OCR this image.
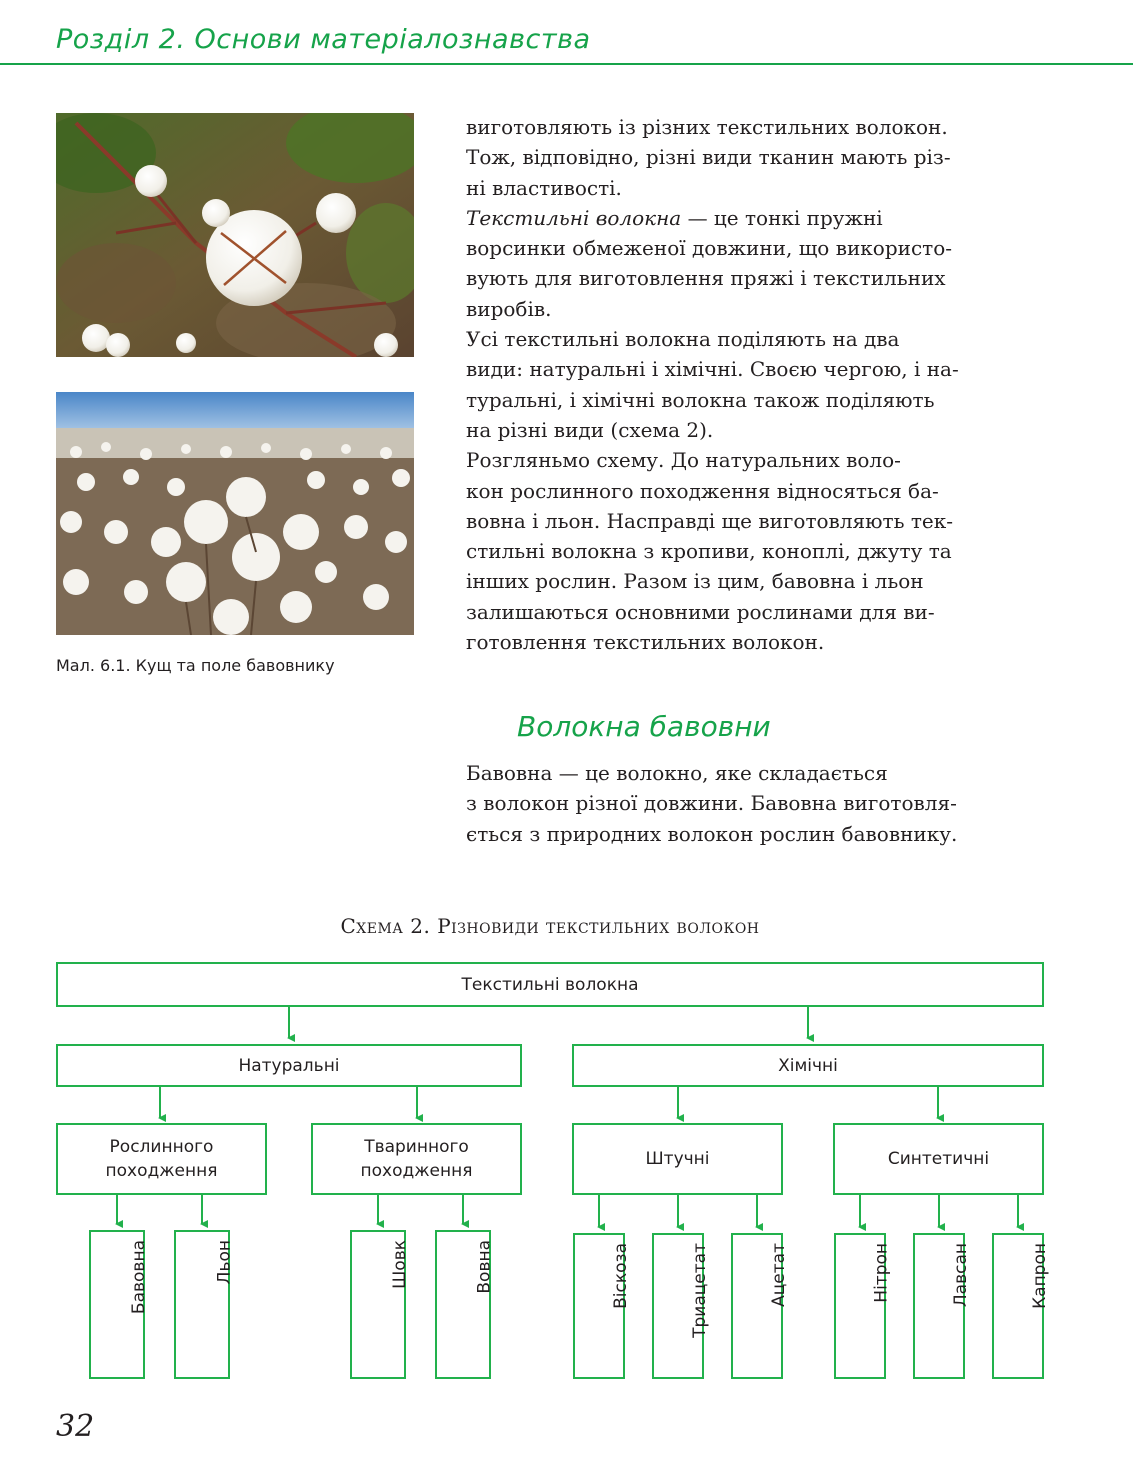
Розділ 2. Основи матеріалознавства
Мал. 6.1. Кущ та поле бавовнику
виготовляють із різних текстильних волокон.
Тож, відповідно, різні види тканин мають різ-
ні властивості.
Текстильні волокна — це тонкі пружні
ворсинки обмеженої довжини, що використо-
вують для виготовлення пряжі і текстильних
виробів.
Усі текстильні волокна поділяють на два
види: натуральні і хімічні. Своєю чергою, і на-
туральні, і хімічні волокна також поділяють
на різні види (схема 2).
Розгляньмо схему. До натуральних воло-
кон рослинного походження відносяться ба-
вовна і льон. Насправді ще виготовляють тек-
стильні волокна з кропиви, коноплі, джуту та
інших рослин. Разом із цим, бавовна і льон
залишаються основними рослинами для ви-
готовлення текстильних волокон.
Волокна бавовни
Бавовна — це волокно, яке складається
з волокон різної довжини. Бавовна виготовля-
ється з природних волокон рослин бавовнику.
Схема 2. Різновиди текстильних волокон
Текстильні волокна
Натуральні	Хімічні
Рослинного
походження
Тваринного
походження
Штучні	Синтетичні
Бавовна	Льон	Шовк	Вовна	Віскоза	Триацетат	Ацетат	Нітрон	Лавсан	Капрон
32
